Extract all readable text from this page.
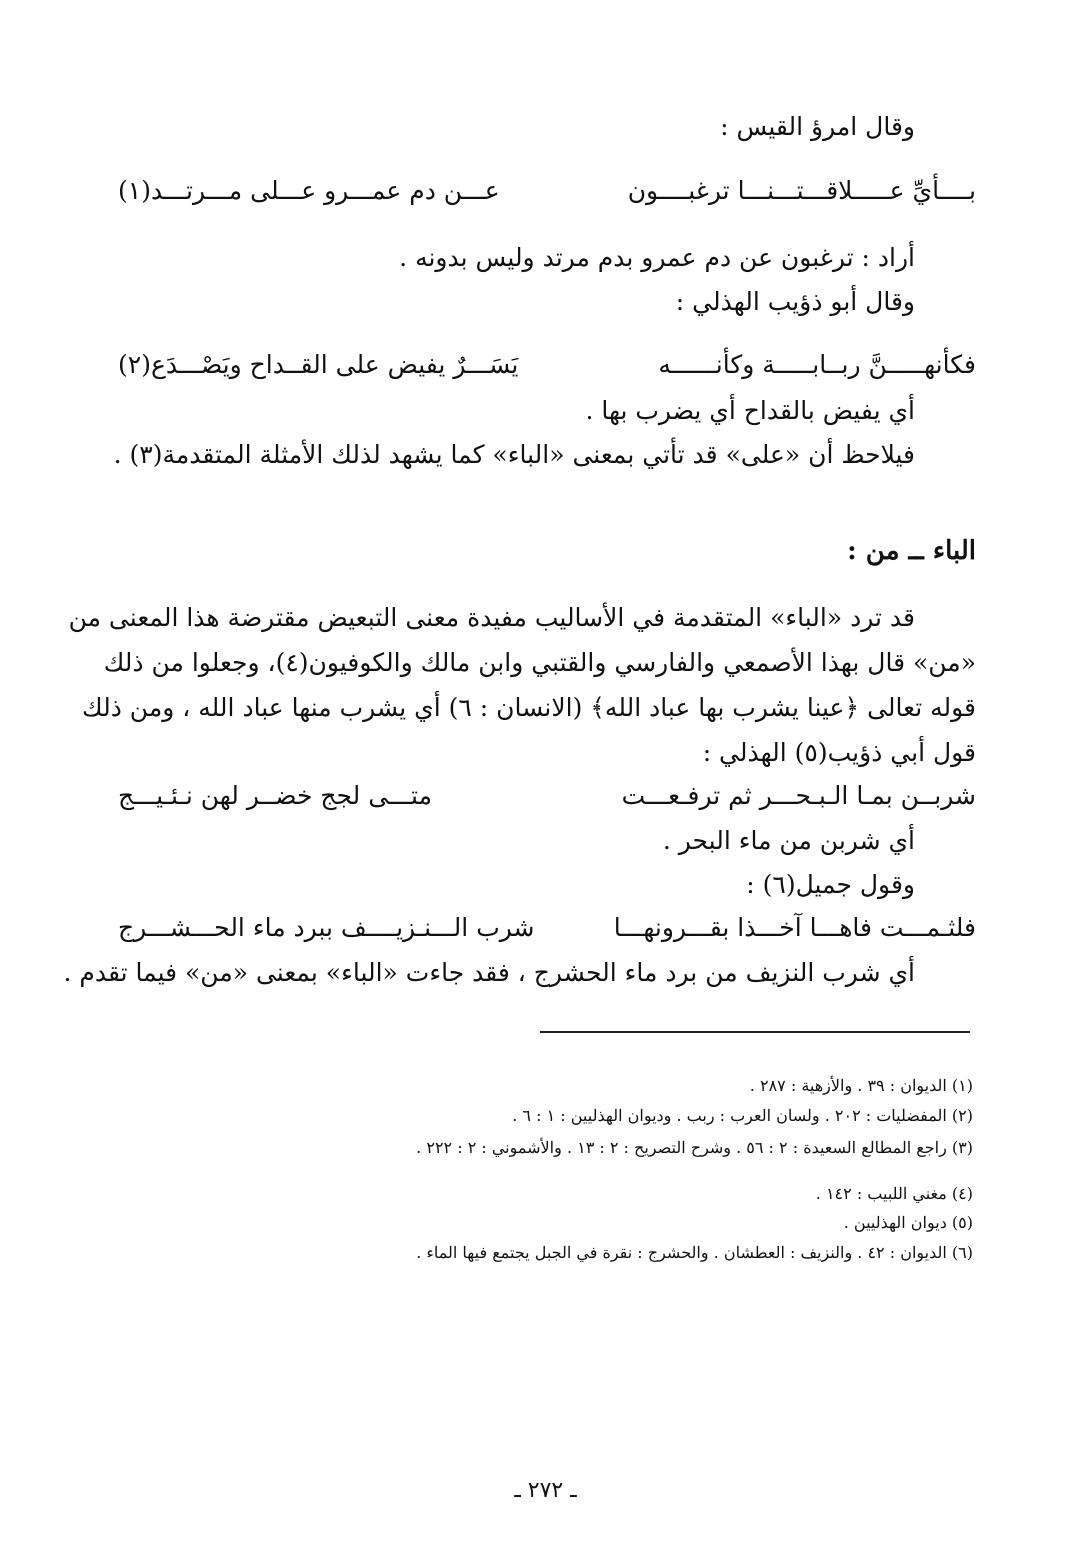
وقال امرؤ القيس :
بــــأيِّ عـــــلاقـــتـــنـــا ترغبــــون
عـــن دم عمـــرو عـــلى مـــرتـــد(١)
أراد : ترغبون عن دم عمرو بدم مرتد وليس بدونه .
وقال أبو ذؤيب الهذلي :
فكأنهـــــنَّ ربــابـــــة وكأنــــــه
يَسَـــرٌ يفيض على القــداح ويَصْـــدَع(٢)
أي يفيض بالقداح أي يضرب بها .
فيلاحظ أن «على» قد تأتي بمعنى «الباء» كما يشهد لذلك الأمثلة المتقدمة(٣) .
الباء ــ من :
قد ترد «الباء» المتقدمة في الأساليب مفيدة معنى التبعيض مقترضة هذا المعنى من
«من» قال بهذا الأصمعي والفارسي والقتبي وابن مالك والكوفيون(٤)، وجعلوا من ذلك
قوله تعالى ﴿عينا يشرب بها عباد الله﴾ (الانسان : ٦) أي يشرب منها عباد الله ، ومن ذلك
قول أبي ذؤيب(٥) الهذلي :
شربــن بمـا الـبـحـــر ثم ترفـعـــت
متـــى لجج خضــر لهن نـئـيـــج
أي شربن من ماء البحر .
وقول جميل(٦) :
فلثـمـــت فاهـــا آخـــذا بقـــرونهـــا
شرب الـــنـزيــــف ببرد ماء الحـــشـــرج
أي شرب النزيف من برد ماء الحشرج ، فقد جاءت «الباء» بمعنى «من» فيما تقدم .
(١) الديوان : ٣٩ . والأزهية : ٢٨٧ .
(٢) المفضليات : ٢٠٢ . ولسان العرب : ربب . وديوان الهذليين : ١ : ٦ .
(٣) راجع المطالع السعيدة : ٢ : ٥٦ . وشرح التصريح : ٢ : ١٣ . والأشموني : ٢ : ٢٢٢ .
(٤) مغني اللبيب : ١٤٢ .
(٥) ديوان الهذليين .
(٦) الديوان : ٤٢ . والنزيف : العطشان . والحشرج : نقرة في الجبل يجتمع فيها الماء .
ـ ٢٧٢ ـ
